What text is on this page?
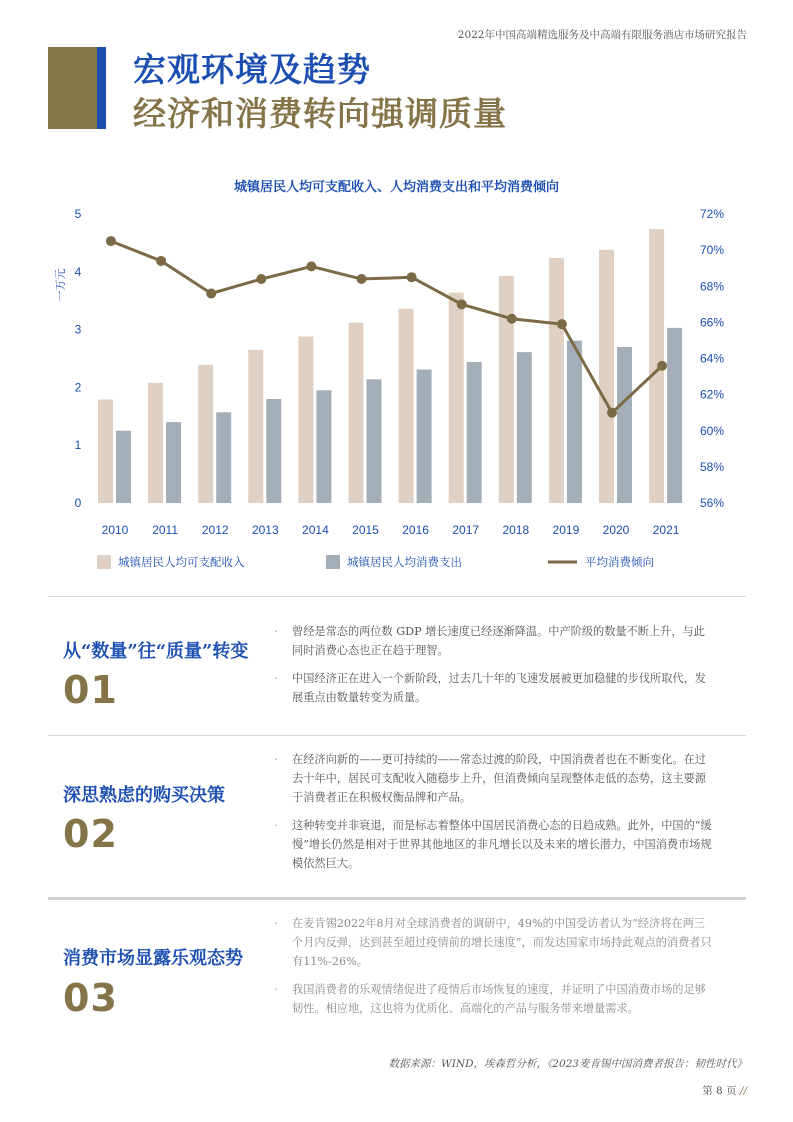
2022年中国高端精选服务及中高端有限服务酒店市场研究报告
宏观环境及趋势
经济和消费转向强调质量
城镇居民人均可支配收入、人均消费支出和平均消费倾向
0
1
2
3
4
5
一万元
56%
58%
60%
62%
64%
66%
68%
70%
72%
2010 2011 2012 2013 2014 2015 2016 2017 2018 2019 2020 2021
城镇居民人均可支配收入	城镇居民人均消费支出	平均消费倾向
从“数量”往“质量”转变
01
· 曾经是常态的两位数 GDP 增长速度已经逐渐降温。中产阶级的数量不断上升，与此同时消费心态也正在趋于理智。
· 中国经济正在进入一个新阶段，过去几十年的飞速发展被更加稳健的步伐所取代，发展重点由数量转变为质量。
深思熟虑的购买决策
02
· 在经济向新的——更可持续的——常态过渡的阶段，中国消费者也在不断变化。在过去十年中，居民可支配收入随稳步上升，但消费倾向呈现整体走低的态势，这主要源于消费者正在积极权衡品牌和产品。
· 这种转变并非衰退，而是标志着整体中国居民消费心态的日趋成熟。此外，中国的“缓慢”增长仍然是相对于世界其他地区的非凡增长以及未来的增长潜力，中国消费市场规模依然巨大。
消费市场显露乐观态势
03
· 在麦肯锡2022年8月对全球消费者的调研中，49%的中国受访者认为“经济将在两三个月内反弹，达到甚至超过疫情前的增长速度”，而发达国家市场持此观点的消费者只有11%-26%。
· 我国消费者的乐观情绪促进了疫情后市场恢复的速度，并证明了中国消费市场的足够韧性。相应地，这也将为优质化、高端化的产品与服务带来增量需求。
数据来源：WIND，埃森哲分析，《2023麦肯锡中国消费者报告：韧性时代》
第 8 页 //
